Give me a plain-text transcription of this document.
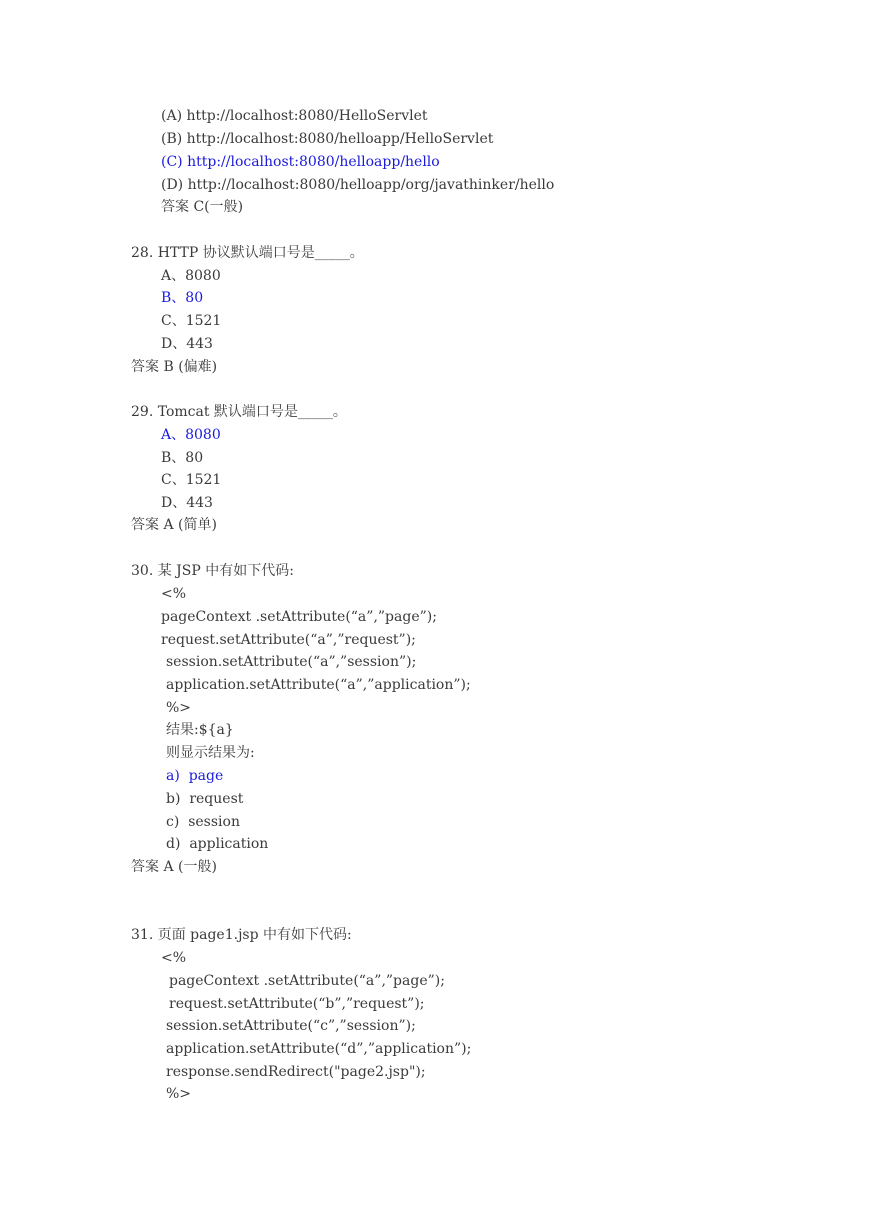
(A) http://localhost:8080/HelloServlet
(B) http://localhost:8080/helloapp/HelloServlet
(C) http://localhost:8080/helloapp/hello
(D) http://localhost:8080/helloapp/org/javathinker/hello
答案 C(一般)
28. HTTP 协议默认端口号是_____。
A、8080
B、80
C、1521
D、443
答案 B (偏难)
29. Tomcat 默认端口号是_____。
A、8080
B、80
C、1521
D、443
答案 A (简单)
30. 某 JSP 中有如下代码:
<%
pageContext .setAttribute(“a”,”page”);
request.setAttribute(“a”,”request”);
session.setAttribute(“a”,”session”);
application.setAttribute(“a”,”application”);
%>
结果:${a}
则显示结果为:
a)  page
b)  request
c)  session
d)  application
答案 A (一般)
31. 页面 page1.jsp 中有如下代码:
<%
pageContext .setAttribute(“a”,”page”);
request.setAttribute(“b”,”request”);
session.setAttribute(“c”,”session”);
application.setAttribute(“d”,”application”);
response.sendRedirect("page2.jsp");
%>
